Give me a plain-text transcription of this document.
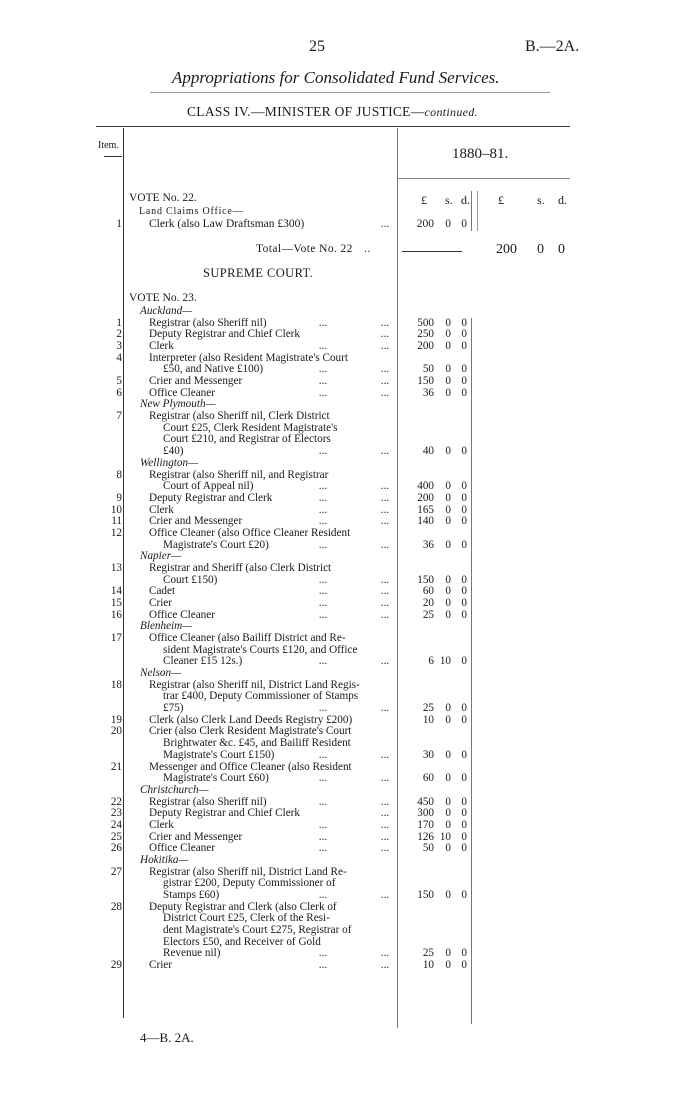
25	B.—2A.
Appropriations for Consolidated Fund Services.
CLASS IV.—MINISTER OF JUSTICE—continued.
Item.
1880–81.
VOTE No. 22.
Land Claims Office—
£ s. d. £	s. d.
1 Clerk (also Law Draftsman £300)	...	200 0 0
Total—Vote No. 22 ..	200 0 0
SUPREME COURT.
VOTE No. 23.
Auckland—
1 Registrar (also Sheriff nil)	...	...	500	0 0
2 Deputy Registrar and Chief Clerk	...	250	0 0
3 Clerk	...	...	200	0 0
4 Interpreter (also Resident Magistrate's Court
£50, and Native £100)	...	...	50	0 0
5 Crier and Messenger	...	...	150	0 0
6 Office Cleaner	...	...	36	0 0
New Plymouth—
7 Registrar (also Sheriff nil, Clerk District
Court £25, Clerk Resident Magistrate's
Court £210, and Registrar of Electors
£40)	...	...	40	0 0
Wellington—
8 Registrar (also Sheriff nil, and Registrar
Court of Appeal nil)	...	...	400	0 0
9 Deputy Registrar and Clerk	...	...	200	0 0
10 Clerk	...	...	165	0 0
11 Crier and Messenger	...	...	140	0 0
12 Office Cleaner (also Office Cleaner Resident
Magistrate's Court £20)	...	...	36	0 0
Napier—
13 Registrar and Sheriff (also Clerk District
Court £150)	...	...	150	0 0
14 Cadet	...	...	60	0 0
15 Crier	...	...	20	0 0
16 Office Cleaner	...	...	25	0 0
Blenheim—
17 Office Cleaner (also Bailiff District and Re-
sident Magistrate's Courts £120, and Office
Cleaner £15 12s.)	...	...	6 10 0
Nelson—
18 Registrar (also Sheriff nil, District Land Regis-
trar £400, Deputy Commissioner of Stamps
£75)	...	...	25	0 0
19 Clerk (also Clerk Land Deeds Registry £200)	10	0 0
20 Crier (also Clerk Resident Magistrate's Court
Brightwater &c. £45, and Bailiff Resident
Magistrate's Court £150)	...	...	30	0 0
21 Messenger and Office Cleaner (also Resident
Magistrate's Court £60)	...	...	60	0 0
Christchurch—
22 Registrar (also Sheriff nil)	...	...	450	0 0
23 Deputy Registrar and Chief Clerk	...	300	0 0
24 Clerk	...	...	170	0 0
25 Crier and Messenger	...	...	126 10 0
26 Office Cleaner	...	...	50	0 0
Hokitika—
27 Registrar (also Sheriff nil, District Land Re-
gistrar £200, Deputy Commissioner of
Stamps £60)	...	...	150	0 0
28 Deputy Registrar and Clerk (also Clerk of
District Court £25, Clerk of the Resi-
dent Magistrate's Court £275, Registrar of
Electors £50, and Receiver of Gold
Revenue nil)	...	...	25	0 0
29 Crier	...	...	10	0 0
4—B. 2A.
